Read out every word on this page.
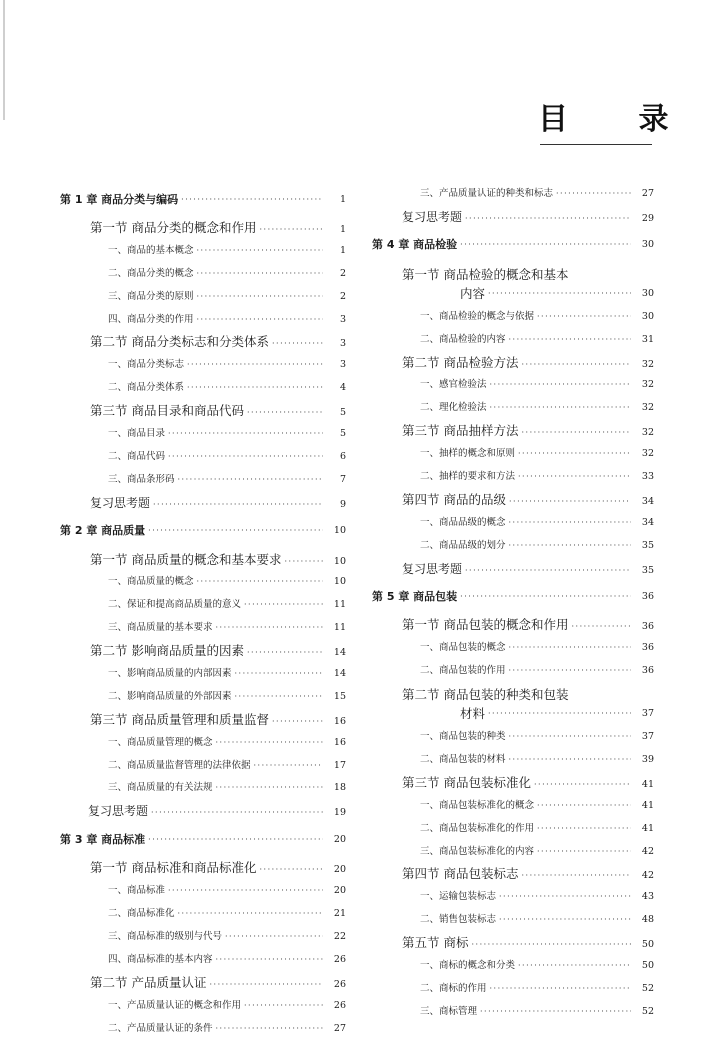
目 录
第 1 章 商品分类与编码 ·····	1
第一节 商品分类的概念和作用 ·····	1
一、商品的基本概念 ·····	1
二、商品分类的概念 ·····	2
三、商品分类的原则 ·····	2
四、商品分类的作用 ·····	3
第二节 商品分类标志和分类体系 ·····	3
一、商品分类标志 ·····	3
二、商品分类体系 ·····	4
第三节 商品目录和商品代码 ·····	5
一、商品目录 ·····	5
二、商品代码 ·····	6
三、商品条形码 ·····	7
复习思考题 ·····	9
第 2 章 商品质量 ·····	10
第一节 商品质量的概念和基本要求 ·····	10
一、商品质量的概念 ·····	10
二、保证和提高商品质量的意义 ·····	11
三、商品质量的基本要求 ·····	11
第二节 影响商品质量的因素 ·····	14
一、影响商品质量的内部因素 ·····	14
二、影响商品质量的外部因素 ·····	15
第三节 商品质量管理和质量监督 ·····	16
一、商品质量管理的概念 ·····	16
二、商品质量监督管理的法律依据 ·····	17
三、商品质量的有关法规 ·····	18
复习思考题 ·····	19
第 3 章 商品标准 ·····	20
第一节 商品标准和商品标准化 ·····	20
一、商品标准 ·····	20
二、商品标准化 ·····	21
三、商品标准的级别与代号 ·····	22
四、商品标准的基本内容 ·····	26
第二节 产品质量认证 ·····	26
一、产品质量认证的概念和作用 ·····	26
二、产品质量认证的条件 ·····	27
三、产品质量认证的种类和标志 ·····	27
复习思考题 ·····	29
第 4 章 商品检验 ·····	30
第一节 商品检验的概念和基本
内容 ·····	30
一、商品检验的概念与依据 ·····	30
二、商品检验的内容 ·····	31
第二节 商品检验方法 ·····	32
一、感官检验法 ·····	32
二、理化检验法 ·····	32
第三节 商品抽样方法 ·····	32
一、抽样的概念和原则 ·····	32
二、抽样的要求和方法 ·····	33
第四节 商品的品级 ·····	34
一、商品品级的概念 ·····	34
二、商品品级的划分 ·····	35
复习思考题 ·····	35
第 5 章 商品包装 ·····	36
第一节 商品包装的概念和作用 ·····	36
一、商品包装的概念 ·····	36
二、商品包装的作用 ·····	36
第二节 商品包装的种类和包装
材料 ·····	37
一、商品包装的种类 ·····	37
二、商品包装的材料 ·····	39
第三节 商品包装标准化 ·····	41
一、商品包装标准化的概念 ·····	41
二、商品包装标准化的作用 ·····	41
三、商品包装标准化的内容 ·····	42
第四节 商品包装标志 ·····	42
一、运输包装标志 ·····	43
二、销售包装标志 ·····	48
第五节 商标 ·····	50
一、商标的概念和分类 ·····	50
二、商标的作用 ·····	52
三、商标管理 ·····	52
